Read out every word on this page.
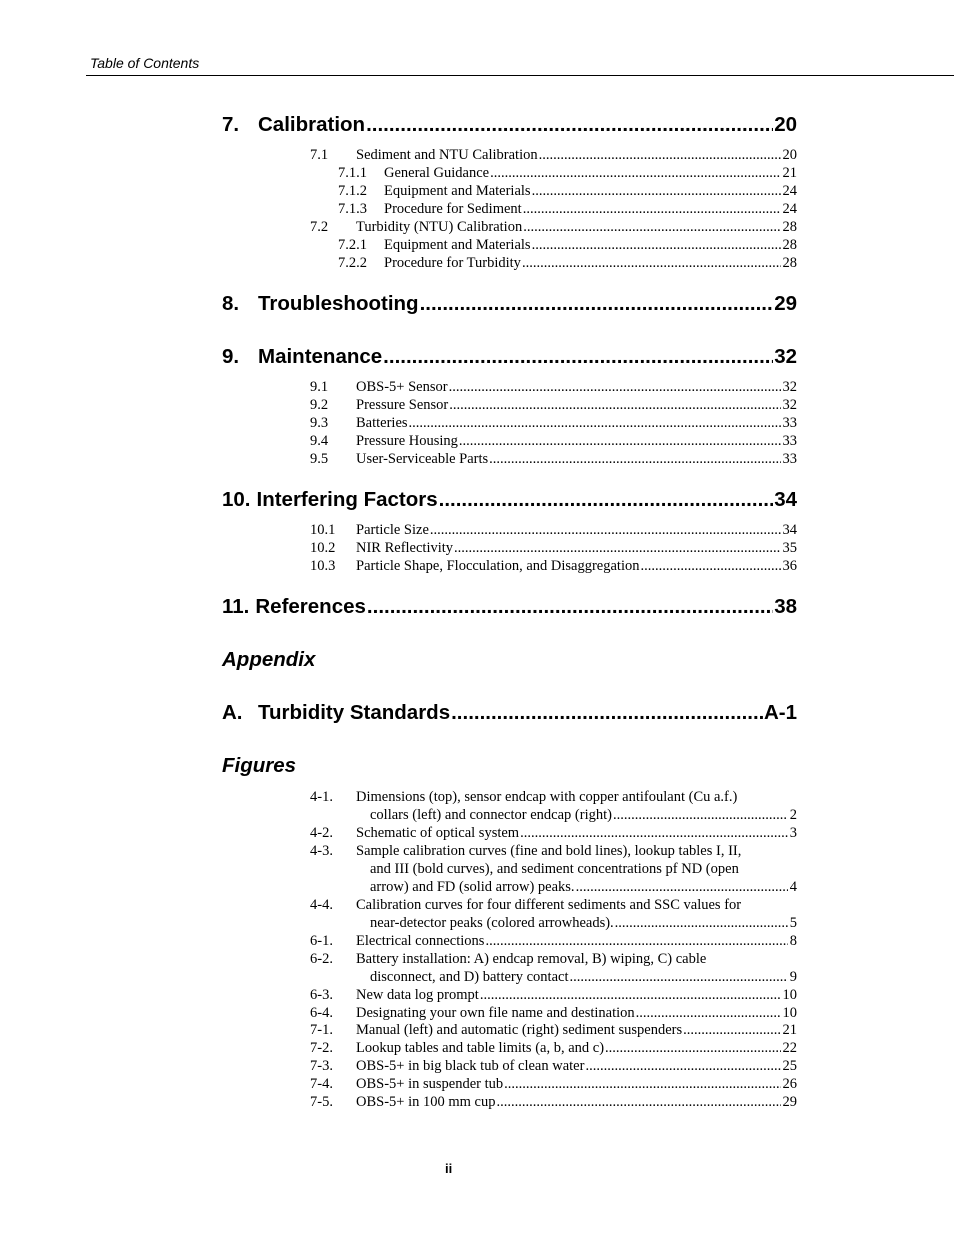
Table of Contents
7. Calibration .....	20
7.1	Sediment and NTU Calibration .....	20
7.1.1	General Guidance .....	21
7.1.2	Equipment and Materials .....	24
7.1.3	Procedure for Sediment .....	24
7.2	Turbidity (NTU) Calibration .....	28
7.2.1	Equipment and Materials .....	28
7.2.2	Procedure for Turbidity .....	28
8. Troubleshooting .....	29
9. Maintenance .....	32
9.1	OBS-5+ Sensor .....	32
9.2	Pressure Sensor .....	32
9.3	Batteries .....	33
9.4	Pressure Housing .....	33
9.5	User-Serviceable Parts .....	33
10. Interfering Factors .....	34
10.1	Particle Size .....	34
10.2	NIR Reflectivity .....	35
10.3	Particle Shape, Flocculation, and Disaggregation .....	36
11. References .....	38
Appendix
A. Turbidity Standards .....	A-1
Figures
4-1.	Dimensions (top), sensor endcap with copper antifoulant (Cu a.f.)
collars (left) and connector endcap (right) .....	2
4-2. Schematic of optical system .....	3
4-3.	Sample calibration curves (fine and bold lines), lookup tables I, II,
and III (bold curves), and sediment concentrations pf ND (open
arrow) and FD (solid arrow) peaks. .....	4
4-4.	Calibration curves for four different sediments and SSC values for
near-detector peaks (colored arrowheads). .....	5
6-1. Electrical connections .....	8
6-2.	Battery installation: A) endcap removal, B) wiping, C) cable
disconnect, and D) battery contact .....	9
6-3. New data log prompt .....	10
6-4. Designating your own file name and destination .....	10
7-1. Manual (left) and automatic (right) sediment suspenders .....	21
7-2. Lookup tables and table limits (a, b, and c) .....	22
7-3. OBS-5+ in big black tub of clean water .....	25
7-4. OBS-5+ in suspender tub .....	26
7-5. OBS-5+ in 100 mm cup .....	29
ii
